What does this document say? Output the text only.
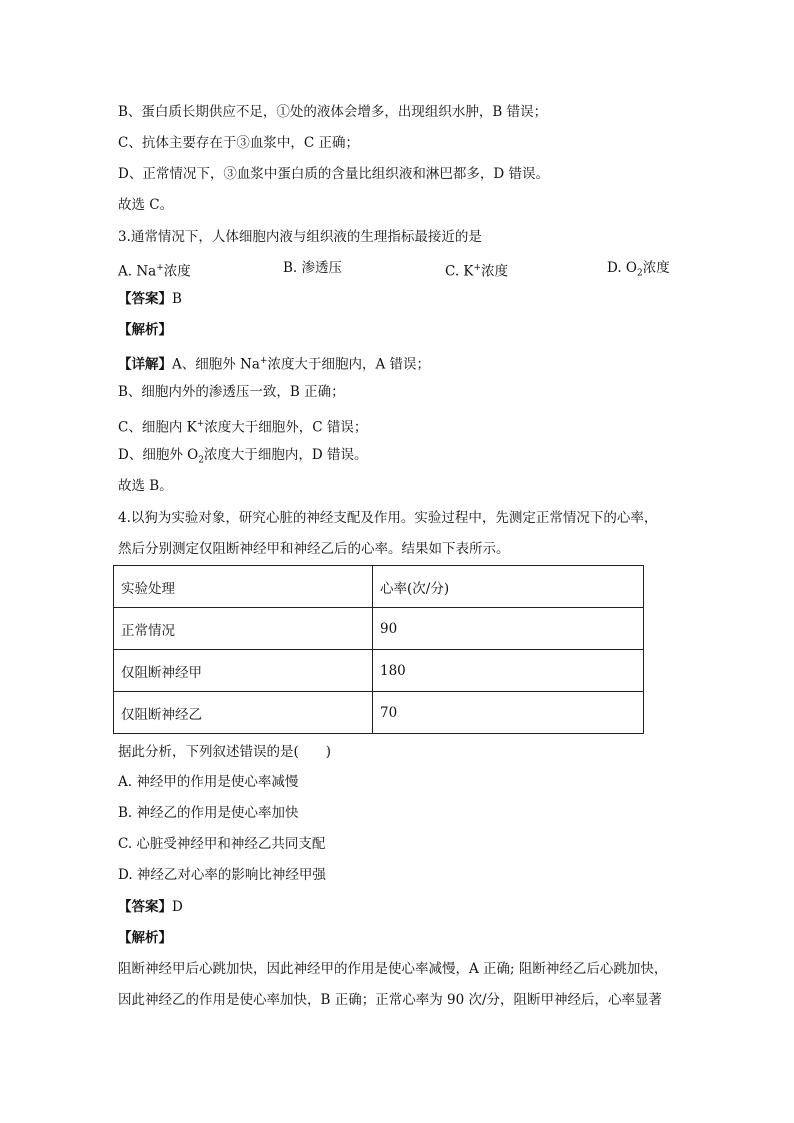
B、蛋白质长期供应不足，①处的液体会增多，出现组织水肿，B 错误；
C、抗体主要存在于③血浆中，C 正确；
D、正常情况下，③血浆中蛋白质的含量比组织液和淋巴都多，D 错误。
故选 C。
3.通常情况下，人体细胞内液与组织液的生理指标最接近的是
A. Na+浓度	B. 渗透压	C. K+浓度	D. $O_2$浓度
【答案】B
【解析】
【详解】A、细胞外 Na+浓度大于细胞内，A 错误；
B、细胞内外的渗透压一致，B 正确；
C、细胞内 K+浓度大于细胞外，C 错误；
D、细胞外 $O_2$浓度大于细胞内，D 错误。
故选 B。
4.以狗为实验对象，研究心脏的神经支配及作用。实验过程中，先测定正常情况下的心率，
然后分别测定仅阻断神经甲和神经乙后的心率。结果如下表所示。
实验处理	心率(次/分)
正常情况	90
仅阻断神经甲	180
仅阻断神经乙	70
据此分析，下列叙述错误的是(　　)
A. 神经甲的作用是使心率减慢
B. 神经乙的作用是使心率加快
C. 心脏受神经甲和神经乙共同支配
D. 神经乙对心率的影响比神经甲强
【答案】D
【解析】
阻断神经甲后心跳加快，因此神经甲的作用是使心率减慢，A 正确; 阻断神经乙后心跳加快，
因此神经乙的作用是使心率加快，B 正确；正常心率为 90 次/分，阻断甲神经后，心率显著
